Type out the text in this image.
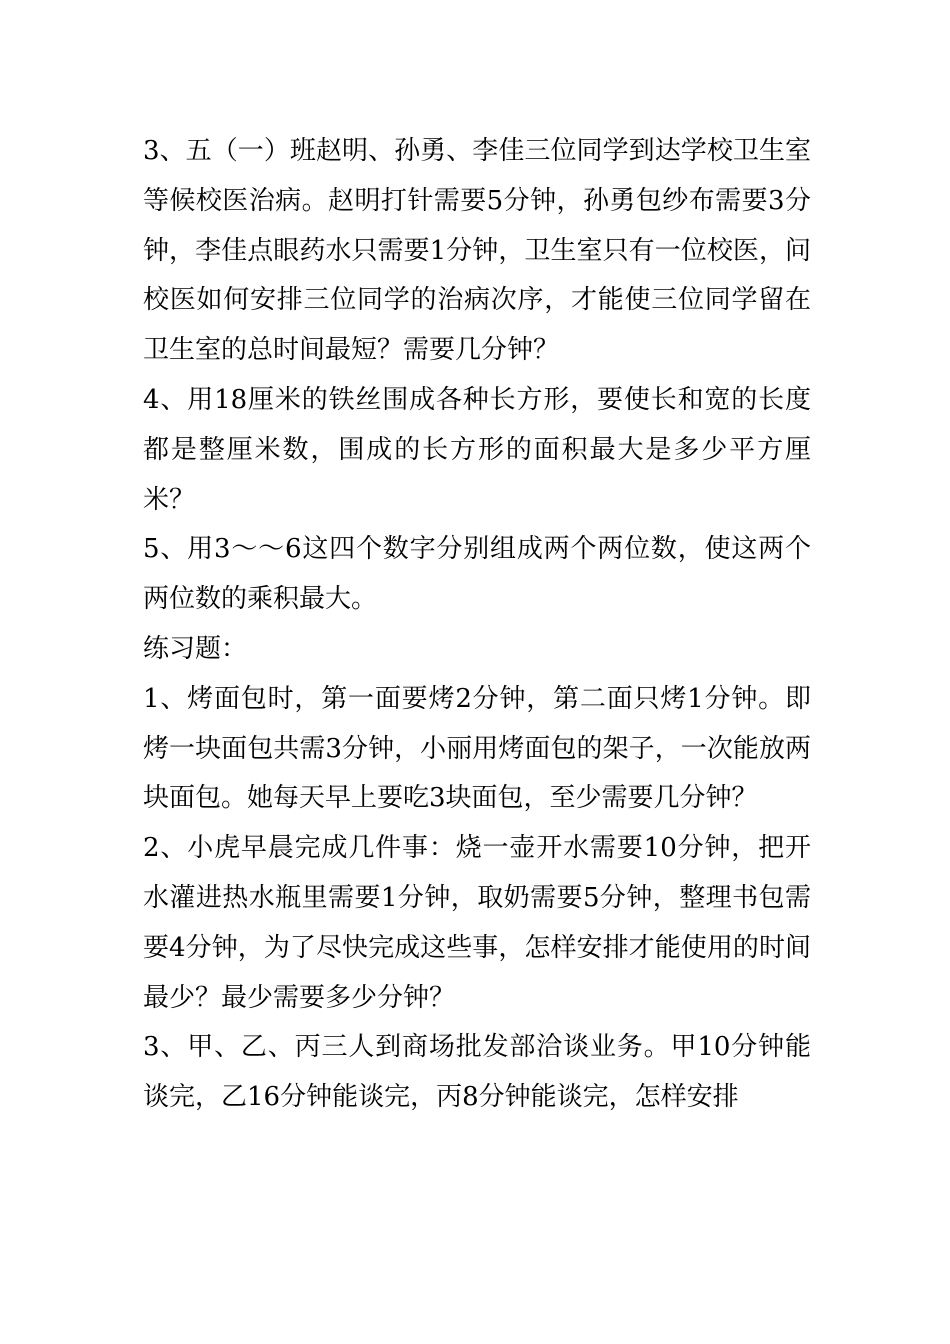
3、五（一）班赵明、孙勇、李佳三位同学到达学校卫生室等候校医治病。赵明打针需要5分钟，孙勇包纱布需要3分钟，李佳点眼药水只需要1分钟，卫生室只有一位校医，问校医如何安排三位同学的治病次序，才能使三位同学留在卫生室的总时间最短？需要几分钟？

4、用18厘米的铁丝围成各种长方形，要使长和宽的长度都是整厘米数，围成的长方形的面积最大是多少平方厘米？

5、用3～～6这四个数字分别组成两个两位数，使这两个两位数的乘积最大。

练习题：

1、烤面包时，第一面要烤2分钟，第二面只烤1分钟。即烤一块面包共需3分钟，小丽用烤面包的架子，一次能放两块面包。她每天早上要吃3块面包，至少需要几分钟？

2、小虎早晨完成几件事：烧一壶开水需要10分钟，把开水灌进热水瓶里需要1分钟，取奶需要5分钟，整理书包需要4分钟，为了尽快完成这些事，怎样安排才能使用的时间最少？最少需要多少分钟？

3、甲、乙、丙三人到商场批发部洽谈业务。甲10分钟能谈完，乙16分钟能谈完，丙8分钟能谈完，怎样安排
